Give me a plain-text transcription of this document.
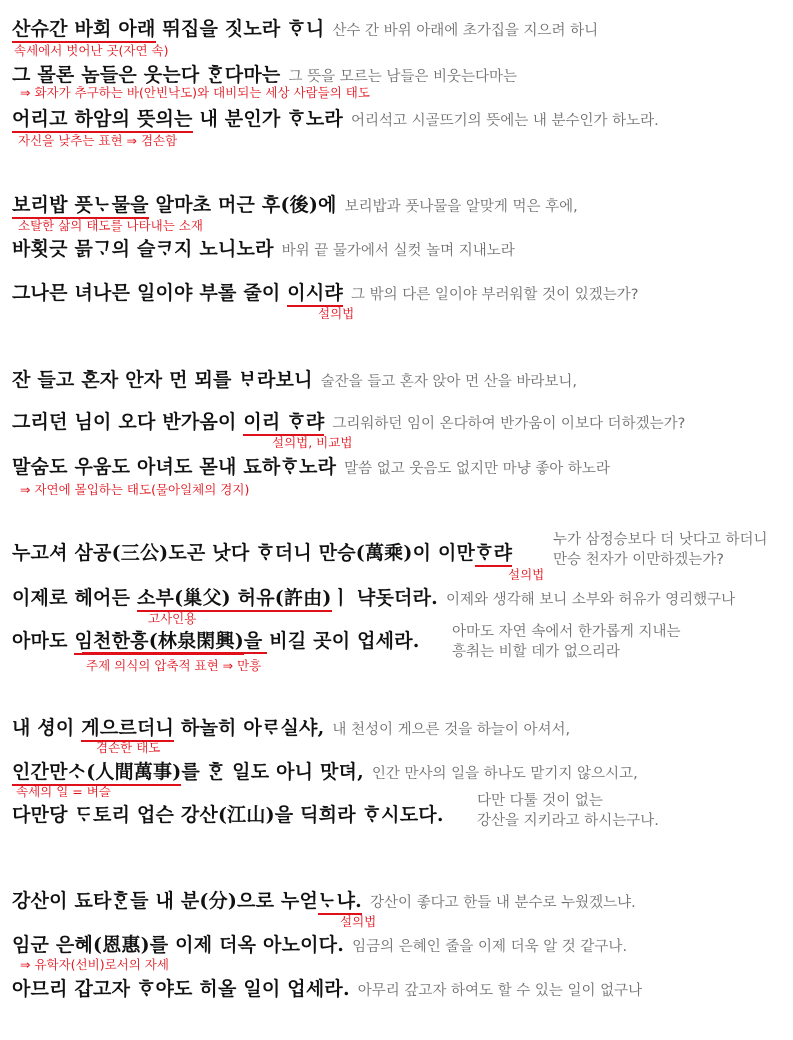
산슈간 바회 아래 뛰집을 짓노라 ᄒᆞ니 산수 간 바위 아래에 초가집을 지으려 하니
속세에서 벗어난 곳(자연 속)
그 몰론 놈들은 웃는다 ᄒᆞᆫ다마는 그 뜻을 모르는 남들은 비웃는다마는
⇒ 화자가 추구하는 바(안빈낙도)와 대비되는 세상 사람들의 태도
어리고 하암의 뜻의는 내 분인가 ᄒᆞ노라 어리석고 시골뜨기의 뜻에는 내 분수인가 하노라.
자신을 낮추는 표현 ⇒ 겸손함
보리밥 픗ᄂᆞ물을 알마초 머근 후(後)에 보리밥과 풋나물을 알맞게 먹은 후에,
소탈한 삶의 태도를 나타내는 소재
바횟긋 믉ᄀᆞ의 슬ᄏᆞ지 노니노라 바위 끝 물가에서 실컷 놀며 지내노라
그나믄 녀나믄 일이야 부롤 줄이 이시랴 그 밖의 다른 일이야 부러워할 것이 있겠는가?
설의법
잔 들고 혼자 안자 먼 뫼를 ᄇᆞ라보니 술잔을 들고 혼자 앉아 먼 산을 바라보니,
그리던 님이 오다 반가옴이 이리 ᄒᆞ랴 그리워하던 임이 온다하여 반가움이 이보다 더하겠는가?
설의법, 비교법
말숨도 우움도 아녀도 몯내 됴하ᄒᆞ노라 말씀 없고 웃음도 없지만 마냥 좋아 하노라
⇒ 자연에 몰입하는 태도(물아일체의 경지)
누고셔 삼공(三公)도곤 낫다 ᄒᆞ더니 만승(萬乘)이 이만ᄒᆞ랴
누가 삼정승보다 더 낫다고 하더니
만승 천자가 이만하겠는가?
설의법
이제로 헤어든 소부(巢父) 허유(許由)ㅣ 냑돗더라. 이제와 생각해 보니 소부와 허유가 영리했구나
고사인용
아마도 임천한흥(林泉閑興)을 비길 곳이 업세라. 아마도 자연 속에서 한가롭게 지내는
흥취는 비할 데가 없으리라
주제 의식의 압축적 표현 ⇒ 만흥
내 셩이 게으르더니 하놀히 아ᄅᆞ실샤, 내 천성이 게으른 것을 하늘이 아셔서,
겸손한 태도
인간만ᄉᆞ(人間萬事)를 ᄒᆞᆫ 일도 아니 맛뎌, 인간 만사의 일을 하나도 맡기지 않으시고,
속세의 일 = 벼슬
다만당 ᄃᆞ토리 업슨 강산(江山)을 딕희라 ᄒᆞ시도다.
다만 다툴 것이 없는
강산을 지키라고 하시는구나.
강산이 됴타ᄒᆞᆫ들 내 분(分)으로 누얻ᄂᆞ냐. 강산이 좋다고 한들 내 분수로 누웠겠느냐.
설의법
임군 은혜(恩惠)를 이제 더옥 아노이다. 임금의 은혜인 줄을 이제 더욱 알 것 같구나.
⇒ 유학자(선비)로서의 자세
아므리 갑고자 ᄒᆞ야도 히올 일이 업세라. 아무리 갚고자 하여도 할 수 있는 일이 없구나
